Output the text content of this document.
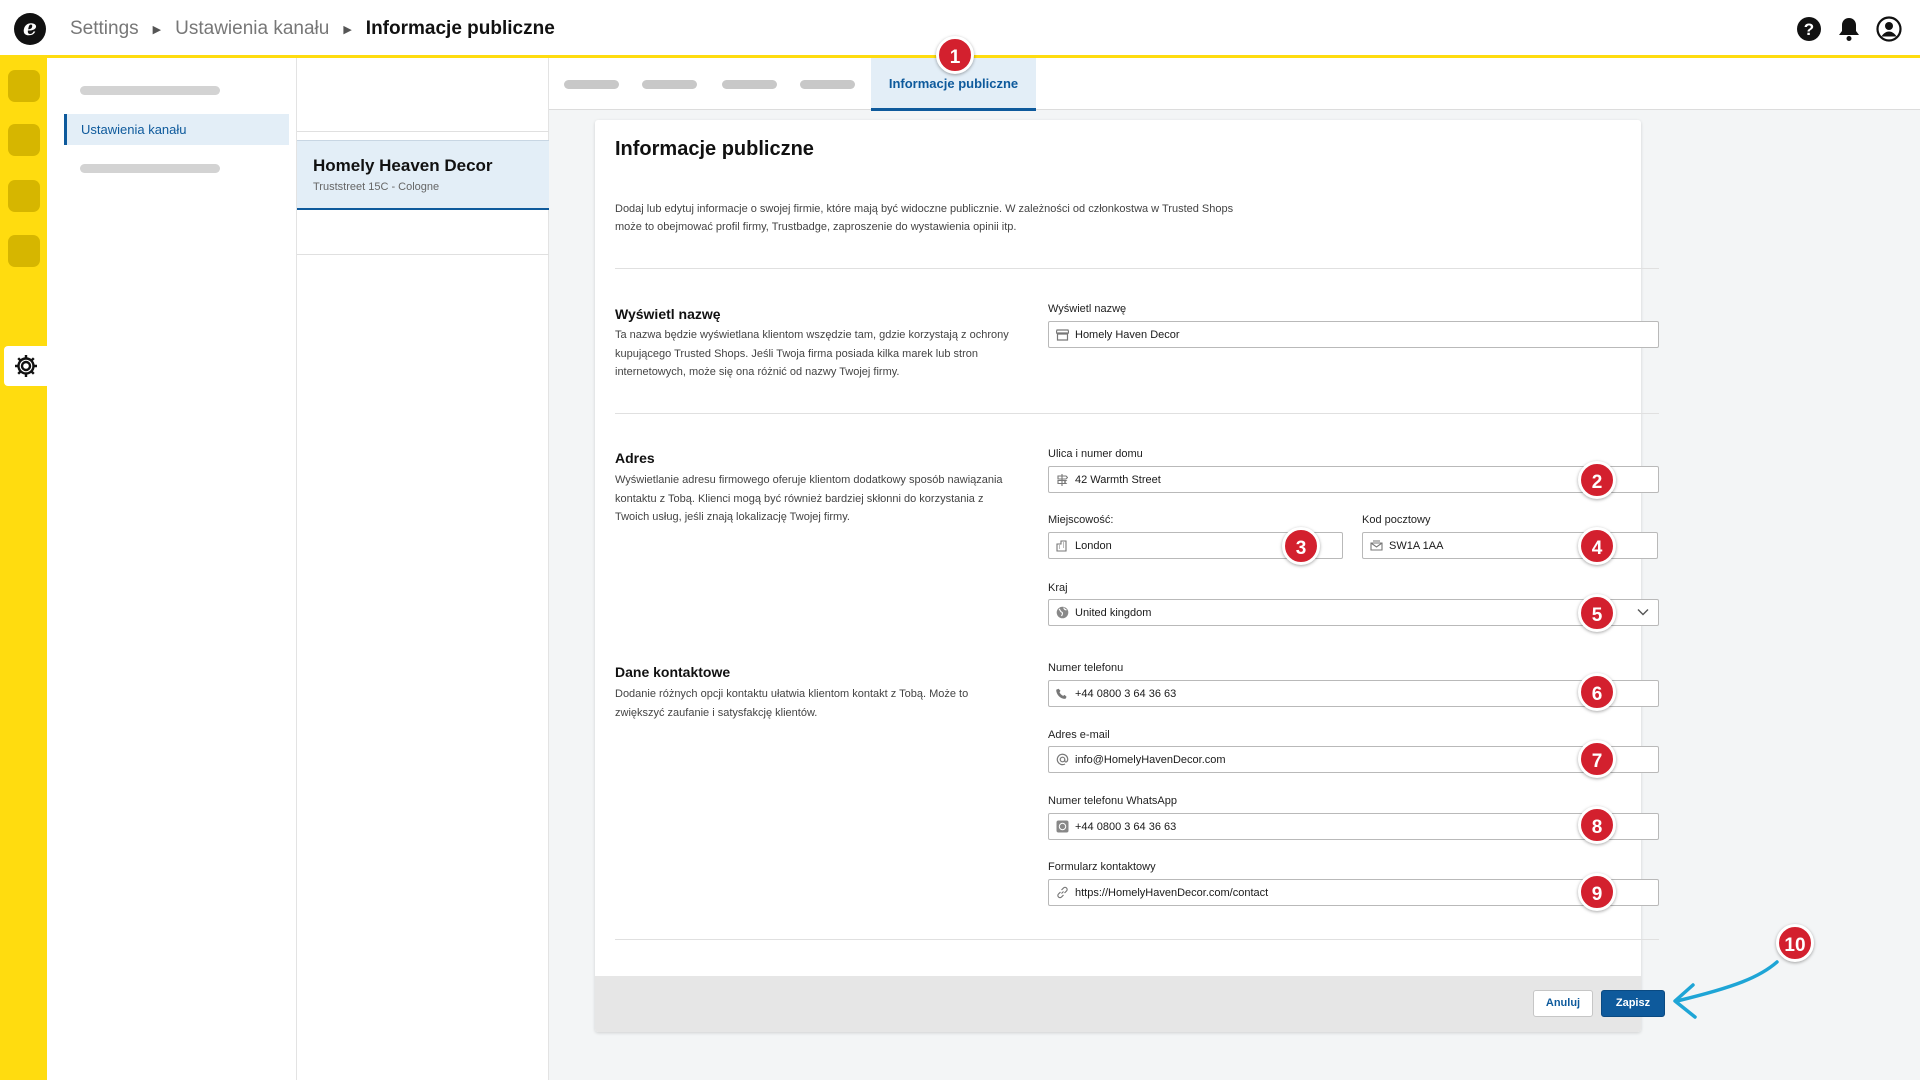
e Settings ▶ Ustawienia kanału ▶ Informacje publiczne	?
Ustawienia kanału
Homely Heaven Decor
Truststreet 15C - Cologne
Informacje publiczne
Informacje publiczne
Dodaj lub edytuj informacje o swojej firmie, które mają być widoczne publicznie. W zależności od członkostwa w Trusted Shops może to obejmować profil firmy, Trustbadge, zaproszenie do wystawienia opinii itp.
Wyświetl nazwę
Ta nazwa będzie wyświetlana klientom wszędzie tam, gdzie korzystają z ochrony kupującego Trusted Shops. Jeśli Twoja firma posiada kilka marek lub stron internetowych, może się ona różnić od nazwy Twojej firmy.
Wyświetl nazwę
Homely Haven Decor
Adres
Wyświetlanie adresu firmowego oferuje klientom dodatkowy sposób nawiązania kontaktu z Tobą. Klienci mogą być również bardziej skłonni do korzystania z Twoich usług, jeśli znają lokalizację Twojej firmy.
Ulica i numer domu
42 Warmth Street
Miejscowość:
London
Kod pocztowy
SW1A 1AA
Kraj
United kingdom
Dane kontaktowe
Dodanie różnych opcji kontaktu ułatwia klientom kontakt z Tobą. Może to zwiększyć zaufanie i satysfakcję klientów.
Numer telefonu
+44 0800 3 64 36 63
Adres e-mail
info@HomelyHavenDecor.com
Numer telefonu WhatsApp
+44 0800 3 64 36 63
Formularz kontaktowy
https://HomelyHavenDecor.com/contact
Anuluj	Zapisz
1
2
3	4
5
6
7
8
9
10
